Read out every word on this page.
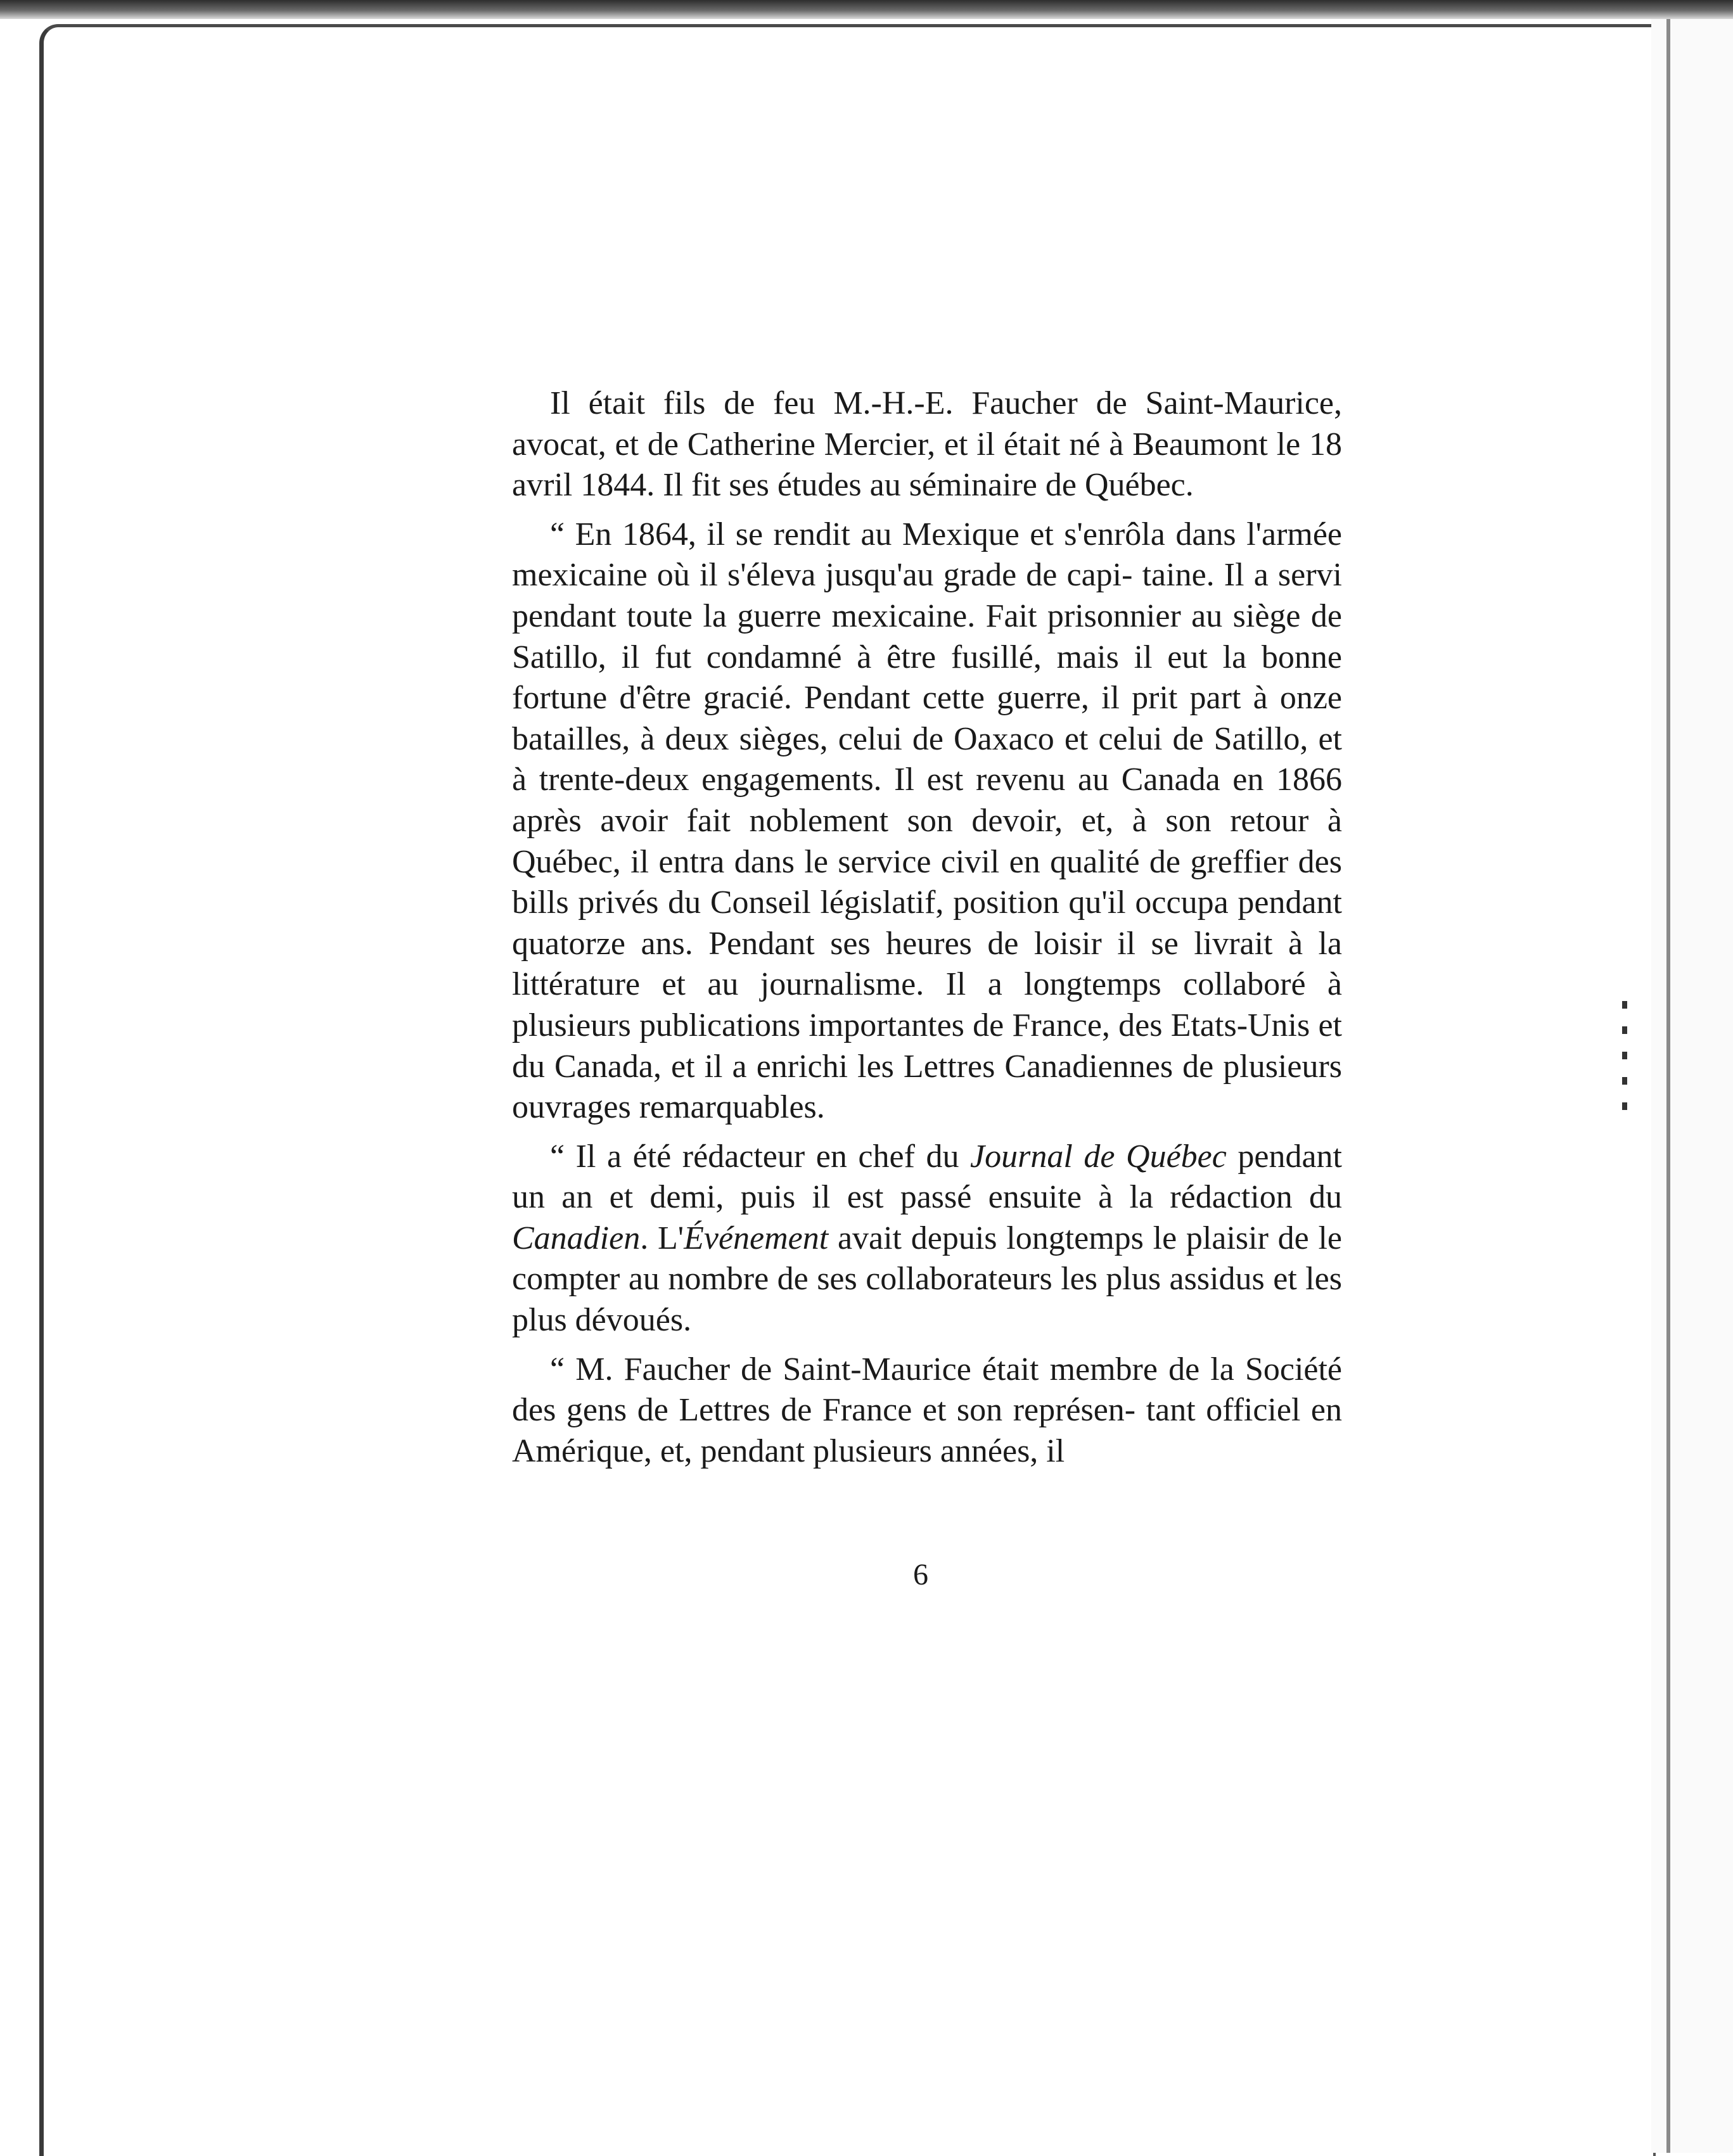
Il était fils de feu M.-H.-E. Faucher de Saint-Maurice, avocat, et de Catherine Mercier, et il était né à Beaumont le 18 avril 1844. Il fit ses études au séminaire de Québec.

“ En 1864, il se rendit au Mexique et s'enrôla dans l'armée mexicaine où il s'éleva jusqu'au grade de capi- taine. Il a servi pendant toute la guerre mexicaine. Fait prisonnier au siège de Satillo, il fut condamné à être fusillé, mais il eut la bonne fortune d'être gracié. Pendant cette guerre, il prit part à onze batailles, à deux sièges, celui de Oaxaco et celui de Satillo, et à trente-deux engagements. Il est revenu au Canada en 1866 après avoir fait noblement son devoir, et, à son retour à Québec, il entra dans le service civil en qualité de greffier des bills privés du Conseil législatif, position qu'il occupa pendant quatorze ans. Pendant ses heures de loisir il se livrait à la littérature et au journalisme. Il a longtemps collaboré à plusieurs publications importantes de France, des Etats-Unis et du Canada, et il a enrichi les Lettres Canadiennes de plusieurs ouvrages remarquables.

“ Il a été rédacteur en chef du Journal de Québec pendant un an et demi, puis il est passé ensuite à la rédaction du Canadien. L'Événement avait depuis longtemps le plaisir de le compter au nombre de ses collaborateurs les plus assidus et les plus dévoués.

“ M. Faucher de Saint-Maurice était membre de la Société des gens de Lettres de France et son représen- tant officiel en Amérique, et, pendant plusieurs années, il

6
